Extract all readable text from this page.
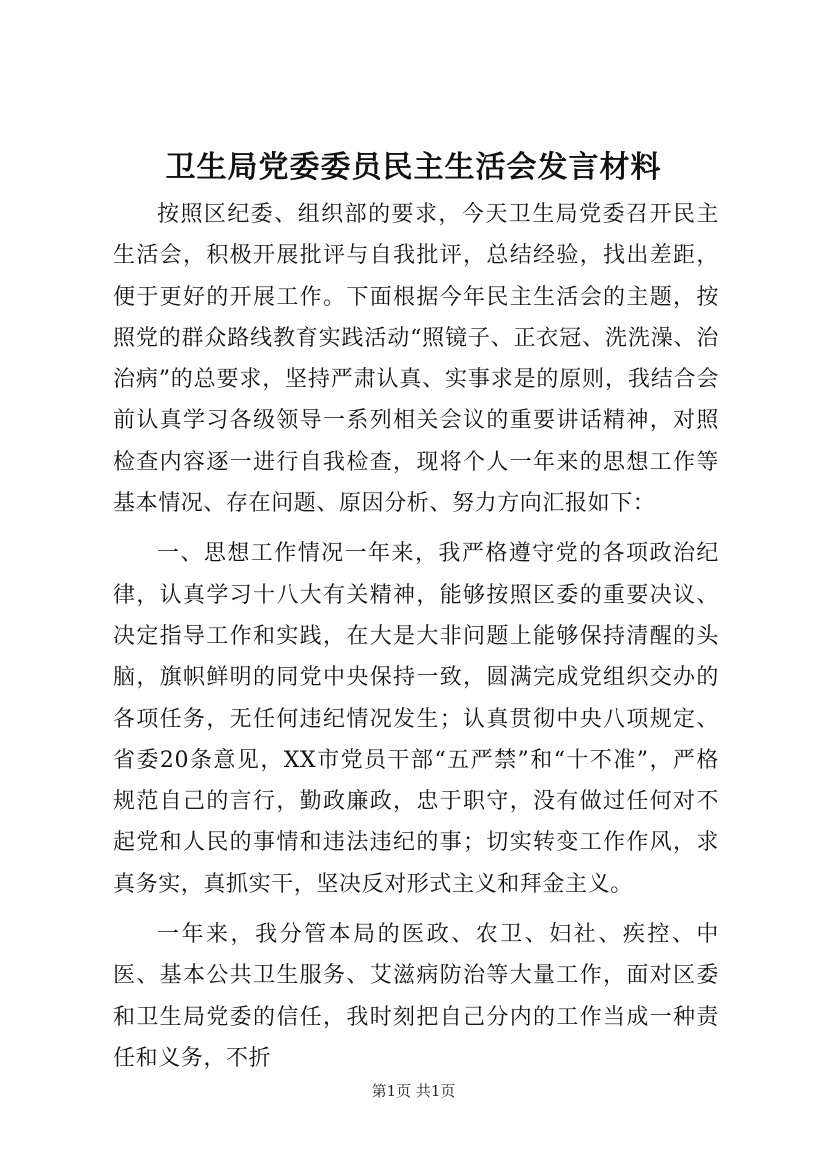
卫生局党委委员民主生活会发言材料

按照区纪委、组织部的要求，今天卫生局党委召开民主生活会，积极开展批评与自我批评，总结经验，找出差距，便于更好的开展工作。下面根据今年民主生活会的主题，按照党的群众路线教育实践活动“照镜子、正衣冠、洗洗澡、治治病”的总要求，坚持严肃认真、实事求是的原则，我结合会前认真学习各级领导一系列相关会议的重要讲话精神，对照检查内容逐一进行自我检查，现将个人一年来的思想工作等基本情况、存在问题、原因分析、努力方向汇报如下：

一、思想工作情况一年来，我严格遵守党的各项政治纪律，认真学习十八大有关精神，能够按照区委的重要决议、决定指导工作和实践，在大是大非问题上能够保持清醒的头脑，旗帜鲜明的同党中央保持一致，圆满完成党组织交办的各项任务，无任何违纪情况发生；认真贯彻中央八项规定、省委20条意见，XX市党员干部“五严禁”和“十不准”，严格规范自己的言行，勤政廉政，忠于职守，没有做过任何对不起党和人民的事情和违法违纪的事；切实转变工作作风，求真务实，真抓实干，坚决反对形式主义和拜金主义。

一年来，我分管本局的医政、农卫、妇社、疾控、中医、基本公共卫生服务、艾滋病防治等大量工作，面对区委和卫生局党委的信任，我时刻把自己分内的工作当成一种责任和义务，不折

第1页 共1页
